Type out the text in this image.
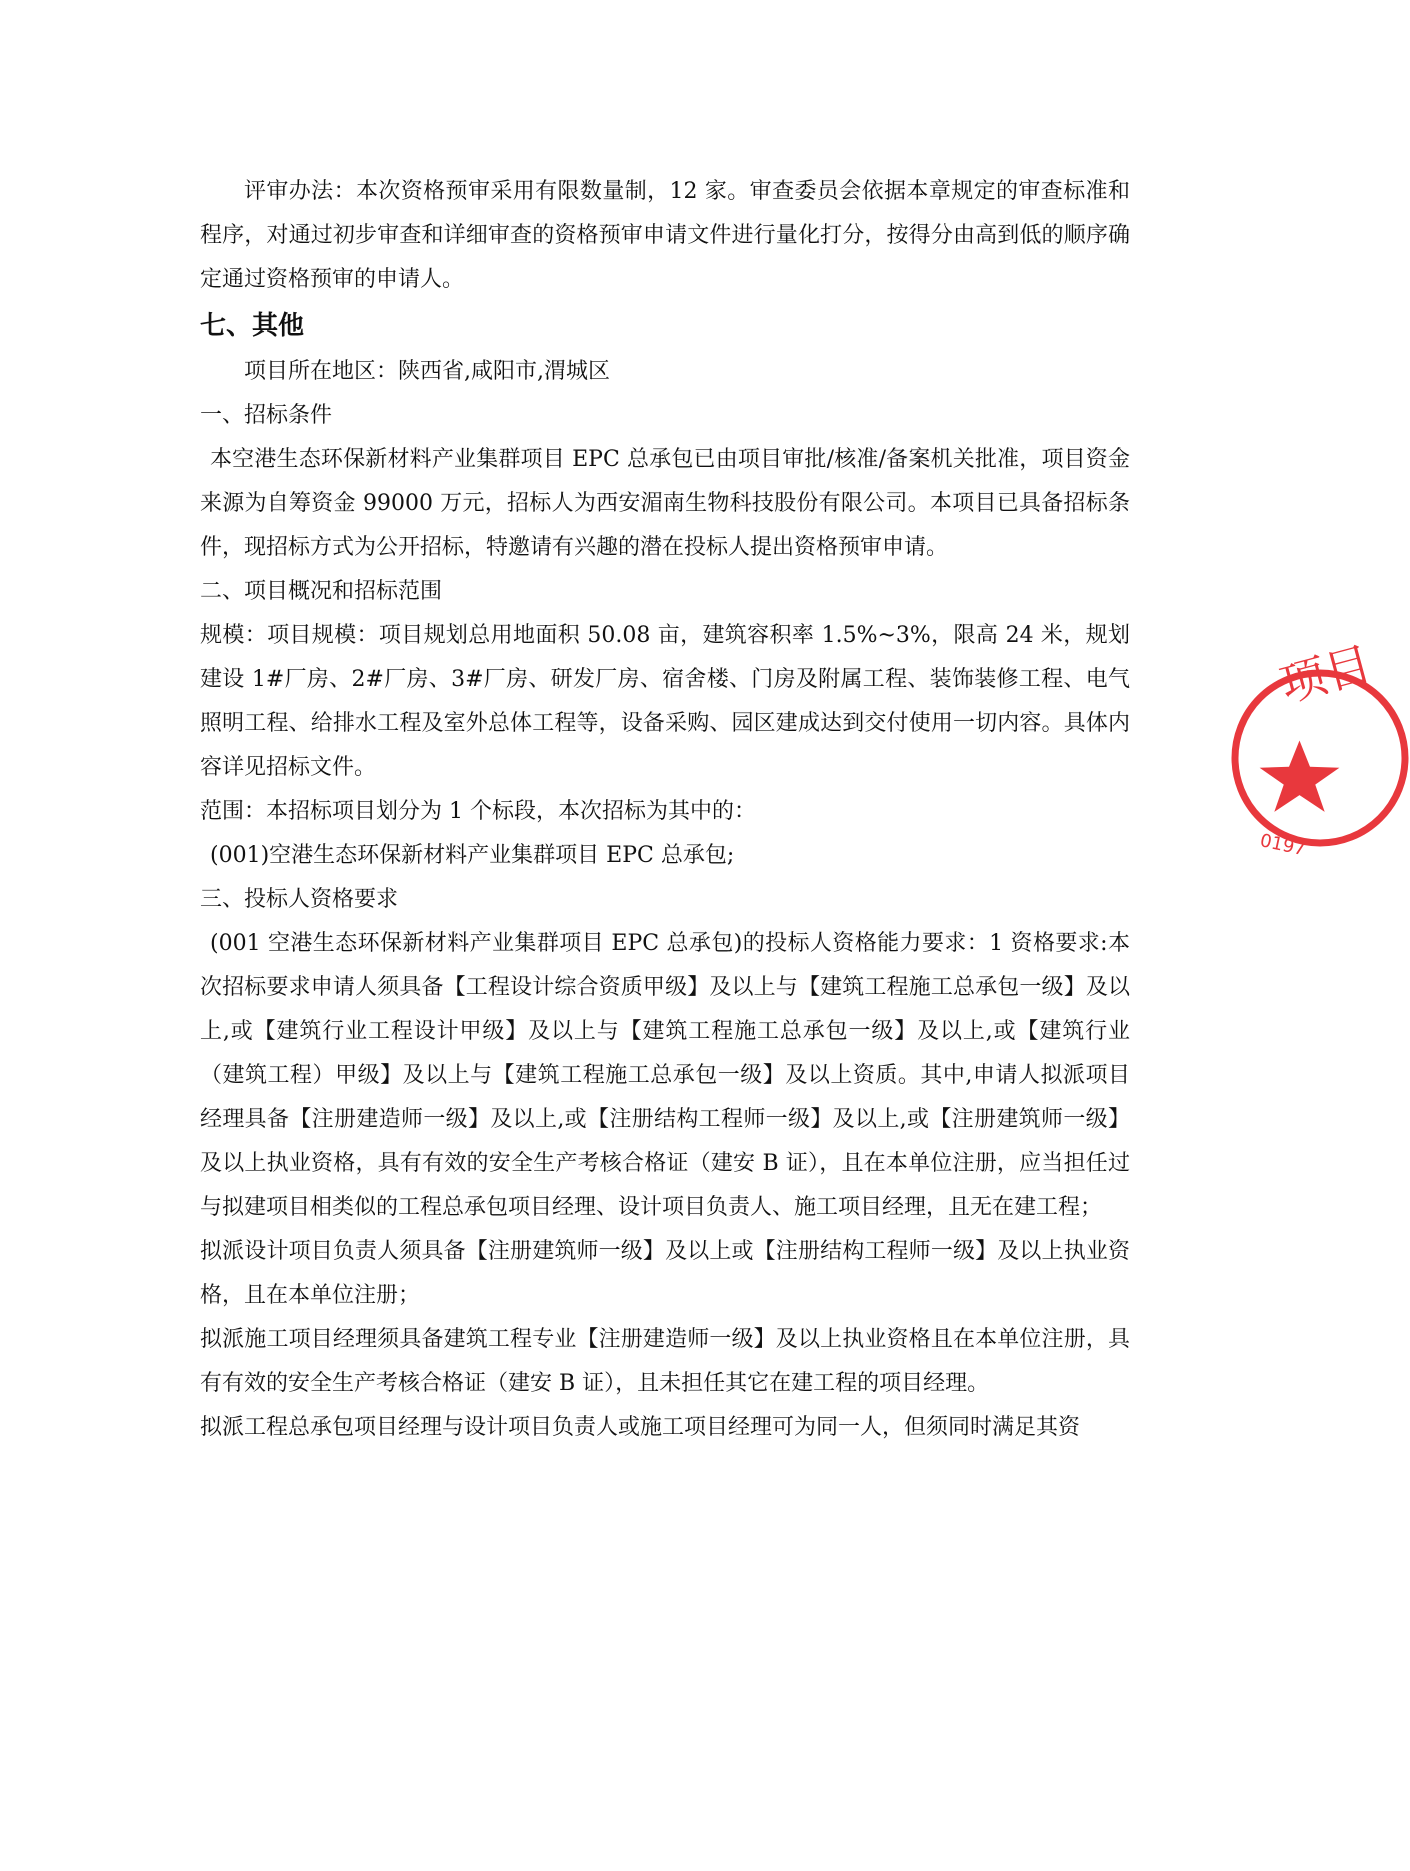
评审办法：本次资格预审采用有限数量制，12 家。审查委员会依据本章规定的审查标准和程序，对通过初步审查和详细审查的资格预审申请文件进行量化打分，按得分由高到低的顺序确定通过资格预审的申请人。

七、其他

项目所在地区：陕西省,咸阳市,渭城区

一、招标条件

本空港生态环保新材料产业集群项目 EPC 总承包已由项目审批/核准/备案机关批准，项目资金来源为自筹资金 99000 万元，招标人为西安湄南生物科技股份有限公司。本项目已具备招标条件，现招标方式为公开招标，特邀请有兴趣的潜在投标人提出资格预审申请。

二、项目概况和招标范围

规模：项目规模：项目规划总用地面积 50.08 亩，建筑容积率 1.5%~3%，限高 24 米，规划建设 1#厂房、2#厂房、3#厂房、研发厂房、宿舍楼、门房及附属工程、装饰装修工程、电气照明工程、给排水工程及室外总体工程等，设备采购、园区建成达到交付使用一切内容。具体内容详见招标文件。

范围：本招标项目划分为 1 个标段，本次招标为其中的：

(001)空港生态环保新材料产业集群项目 EPC 总承包;

三、投标人资格要求

(001 空港生态环保新材料产业集群项目 EPC 总承包)的投标人资格能力要求：1 资格要求:本次招标要求申请人须具备【工程设计综合资质甲级】及以上与【建筑工程施工总承包一级】及以上,或【建筑行业工程设计甲级】及以上与【建筑工程施工总承包一级】及以上,或【建筑行业（建筑工程）甲级】及以上与【建筑工程施工总承包一级】及以上资质。其中,申请人拟派项目经理具备【注册建造师一级】及以上,或【注册结构工程师一级】及以上,或【注册建筑师一级】及以上执业资格，具有有效的安全生产考核合格证（建安 B 证），且在本单位注册，应当担任过与拟建项目相类似的工程总承包项目经理、设计项目负责人、施工项目经理，且无在建工程；

拟派设计项目负责人须具备【注册建筑师一级】及以上或【注册结构工程师一级】及以上执业资格，且在本单位注册；

拟派施工项目经理须具备建筑工程专业【注册建造师一级】及以上执业资格且在本单位注册，具有有效的安全生产考核合格证（建安 B 证），且未担任其它在建工程的项目经理。

拟派工程总承包项目经理与设计项目负责人或施工项目经理可为同一人，但须同时满足其资

项目
0197
